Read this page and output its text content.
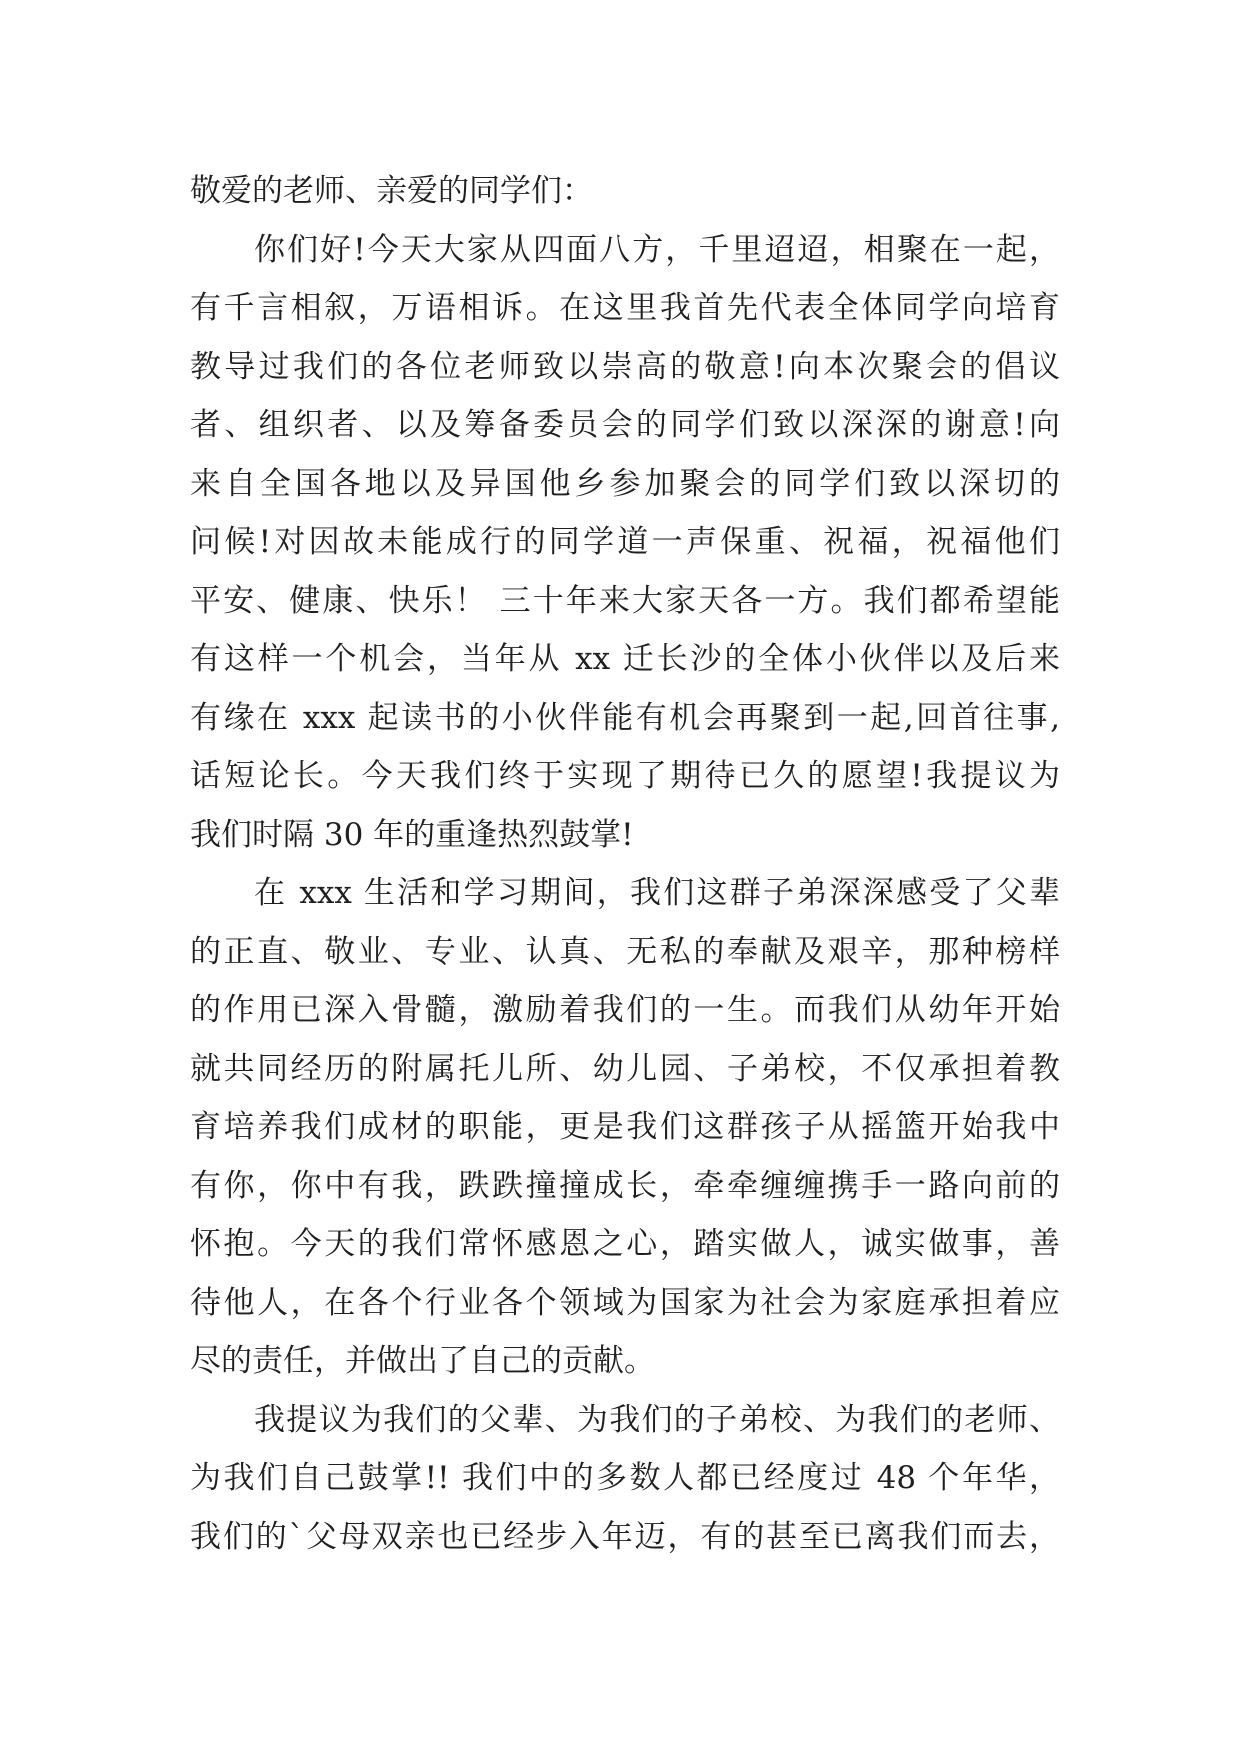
敬爱的老师、亲爱的同学们：
你们好!今天大家从四面八方，千里迢迢，相聚在一起，
有千言相叙，万语相诉。在这里我首先代表全体同学向培育
教导过我们的各位老师致以崇高的敬意!向本次聚会的倡议
者、组织者、以及筹备委员会的同学们致以深深的谢意!向
来自全国各地以及异国他乡参加聚会的同学们致以深切的
问候!对因故未能成行的同学道一声保重、祝福，祝福他们
平安、健康、快乐！ 三十年来大家天各一方。我们都希望能
有这样一个机会，当年从 xx 迁长沙的全体小伙伴以及后来
有缘在 xxx 起读书的小伙伴能有机会再聚到一起,回首往事,
话短论长。今天我们终于实现了期待已久的愿望!我提议为
我们时隔 30 年的重逢热烈鼓掌!
在 xxx 生活和学习期间，我们这群子弟深深感受了父辈
的正直、敬业、专业、认真、无私的奉献及艰辛，那种榜样
的作用已深入骨髓，激励着我们的一生。而我们从幼年开始
就共同经历的附属托儿所、幼儿园、子弟校，不仅承担着教
育培养我们成材的职能，更是我们这群孩子从摇篮开始我中
有你，你中有我，跌跌撞撞成长，牵牵缠缠携手一路向前的
怀抱。今天的我们常怀感恩之心，踏实做人，诚实做事，善
待他人，在各个行业各个领域为国家为社会为家庭承担着应
尽的责任，并做出了自己的贡献。
我提议为我们的父辈、为我们的子弟校、为我们的老师、
为我们自己鼓掌!! 我们中的多数人都已经度过 48 个年华，
我们的`父母双亲也已经步入年迈，有的甚至已离我们而去，
